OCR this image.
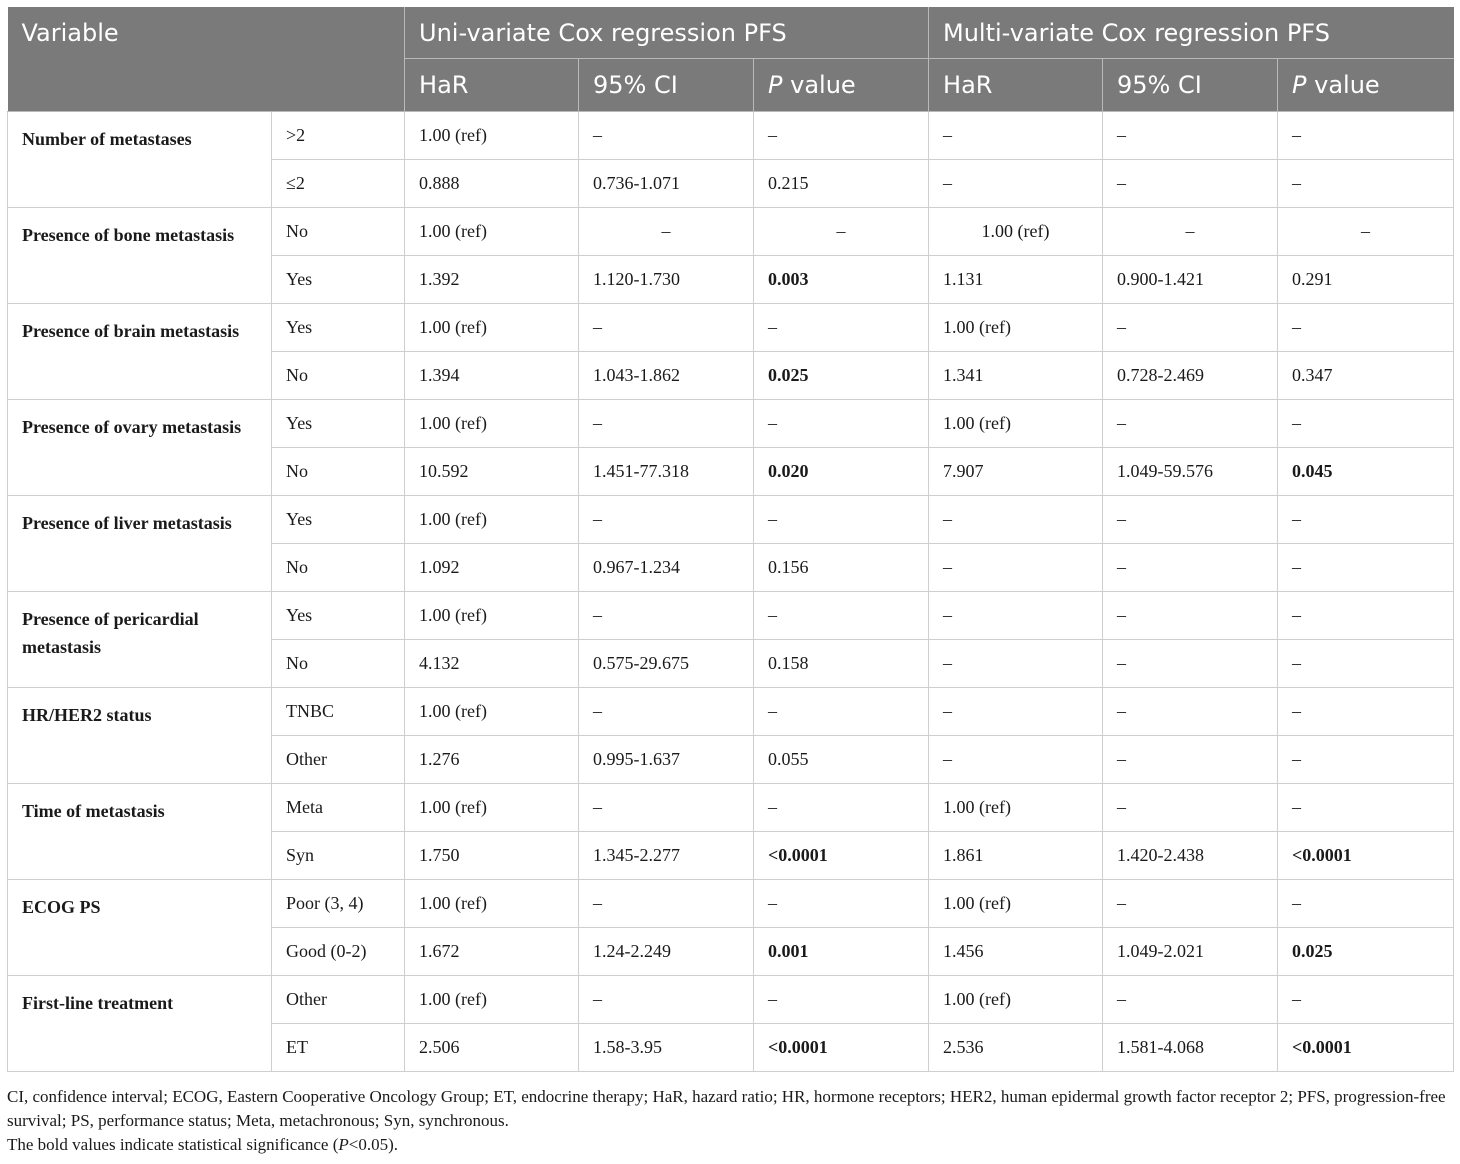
Variable		Uni-variate Cox regression PFS			Multi-variate Cox regression PFS		
		HaR	95% CI	P value	HaR	95% CI	P value
Number of metastases	>2	1.00 (ref)	–	–	–	–	–
	≤2	0.888	0.736-1.071	0.215	–	–	–
Presence of bone metastasis	No	1.00 (ref)	–	–	1.00 (ref)	–	–
	Yes	1.392	1.120-1.730	0.003	1.131	0.900-1.421	0.291
Presence of brain metastasis	Yes	1.00 (ref)	–	–	1.00 (ref)	–	–
	No	1.394	1.043-1.862	0.025	1.341	0.728-2.469	0.347
Presence of ovary metastasis	Yes	1.00 (ref)	–	–	1.00 (ref)	–	–
	No	10.592	1.451-77.318	0.020	7.907	1.049-59.576	0.045
Presence of liver metastasis	Yes	1.00 (ref)	–	–	–	–	–
	No	1.092	0.967-1.234	0.156	–	–	–
Presence of pericardial metastasis	Yes	1.00 (ref)	–	–	–	–	–
	No	4.132	0.575-29.675	0.158	–	–	–
HR/HER2 status	TNBC	1.00 (ref)	–	–	–	–	–
	Other	1.276	0.995-1.637	0.055	–	–	–
Time of metastasis	Meta	1.00 (ref)	–	–	1.00 (ref)	–	–
	Syn	1.750	1.345-2.277	<0.0001	1.861	1.420-2.438	<0.0001
ECOG PS	Poor (3, 4)	1.00 (ref)	–	–	1.00 (ref)	–	–
	Good (0-2)	1.672	1.24-2.249	0.001	1.456	1.049-2.021	0.025
First-line treatment	Other	1.00 (ref)	–	–	1.00 (ref)	–	–
	ET	2.506	1.58-3.95	<0.0001	2.536	1.581-4.068	<0.0001

CI, confidence interval; ECOG, Eastern Cooperative Oncology Group; ET, endocrine therapy; HaR, hazard ratio; HR, hormone receptors; HER2, human epidermal growth factor receptor 2; PFS, progression-free survival; PS, performance status; Meta, metachronous; Syn, synchronous.

The bold values indicate statistical significance (P<0.05).
